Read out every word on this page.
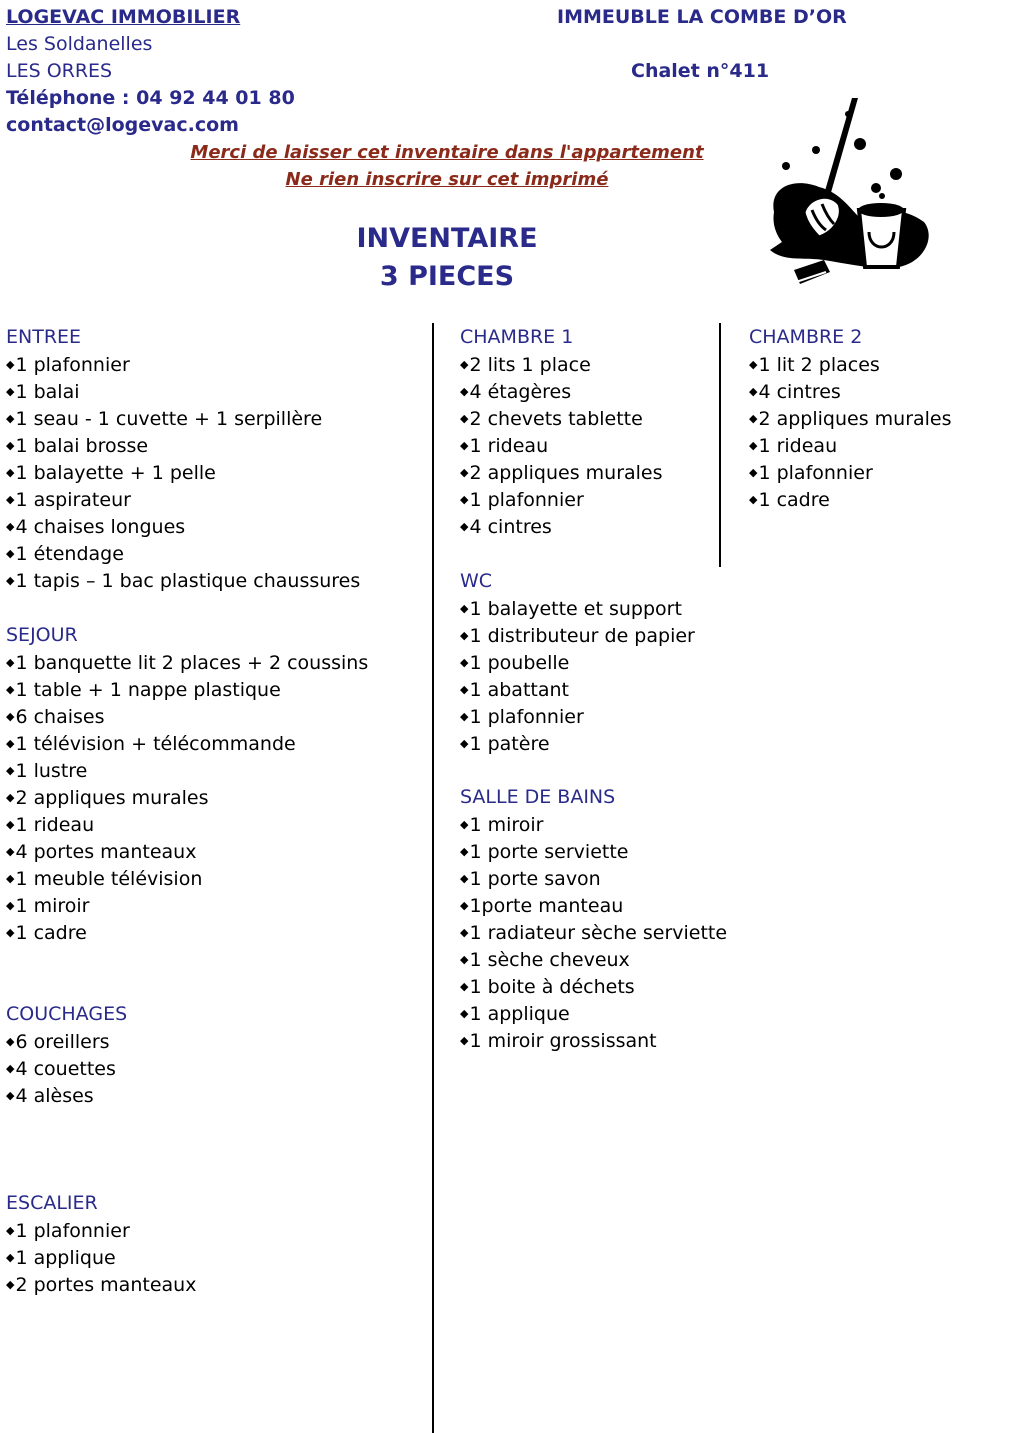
LOGEVAC IMMOBILIER
Les Soldanelles
LES ORRES
Téléphone : 04 92 44 01 80
contact@logevac.com
IMMEUBLE LA COMBE D’OR
Chalet n°411
Merci de laisser cet inventaire dans l'appartement
Ne rien inscrire sur cet imprimé
INVENTAIRE
3 PIECES
ENTREE
◆1 plafonnier
◆1 balai
◆1 seau - 1 cuvette + 1 serpillère
◆1 balai brosse
◆1 balayette + 1 pelle
◆1 aspirateur
◆4 chaises longues
◆1 étendage
◆1 tapis – 1 bac plastique chaussures
SEJOUR
◆1 banquette lit 2 places + 2 coussins
◆1 table + 1 nappe plastique
◆6 chaises
◆1 télévision + télécommande
◆1 lustre
◆2 appliques murales
◆1 rideau
◆4 portes manteaux
◆1 meuble télévision
◆1 miroir
◆1 cadre
COUCHAGES
◆6 oreillers
◆4 couettes
◆4 alèses
ESCALIER
◆1 plafonnier
◆1 applique
◆2 portes manteaux
CHAMBRE 1
◆2 lits 1 place
◆4 étagères
◆2 chevets tablette
◆1 rideau
◆2 appliques murales
◆1 plafonnier
◆4 cintres
WC
◆1 balayette et support
◆1 distributeur de papier
◆1 poubelle
◆1 abattant
◆1 plafonnier
◆1 patère
SALLE DE BAINS
◆1 miroir
◆1 porte serviette
◆1 porte savon
◆1porte manteau
◆1 radiateur sèche serviette
◆1 sèche cheveux
◆1 boite à déchets
◆1 applique
◆1 miroir grossissant
CHAMBRE 2
◆1 lit 2 places
◆4 cintres
◆2 appliques murales
◆1 rideau
◆1 plafonnier
◆1 cadre
